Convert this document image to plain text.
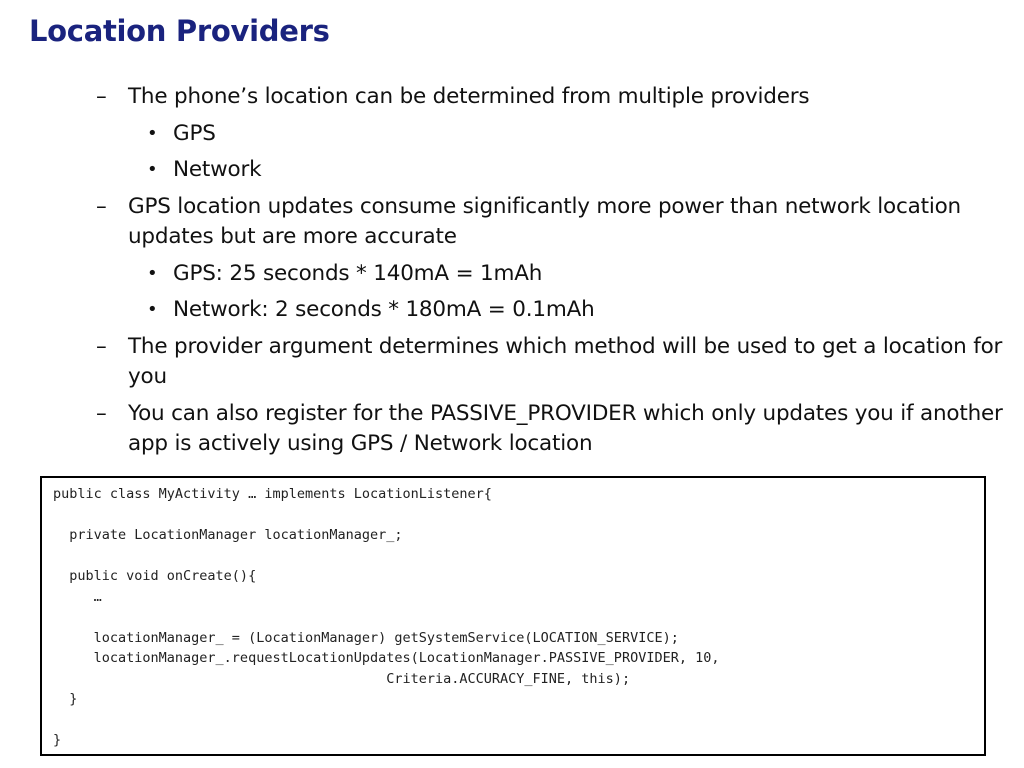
Location Providers
– The phone’s location can be determined from multiple providers
• GPS
• Network
– GPS location updates consume significantly more power than network location updates but are more accurate
• GPS: 25 seconds * 140mA = 1mAh
• Network: 2 seconds * 180mA = 0.1mAh
– The provider argument determines which method will be used to get a location for you
– You can also register for the PASSIVE_PROVIDER which only updates you if another app is actively using GPS / Network location
public class MyActivity … implements LocationListener{
private LocationManager locationManager_;
public void onCreate(){
…
locationManager_ = (LocationManager) getSystemService(LOCATION_SERVICE);
locationManager_.requestLocationUpdates(LocationManager.PASSIVE_PROVIDER, 10,
Criteria.ACCURACY_FINE, this);
}
}
